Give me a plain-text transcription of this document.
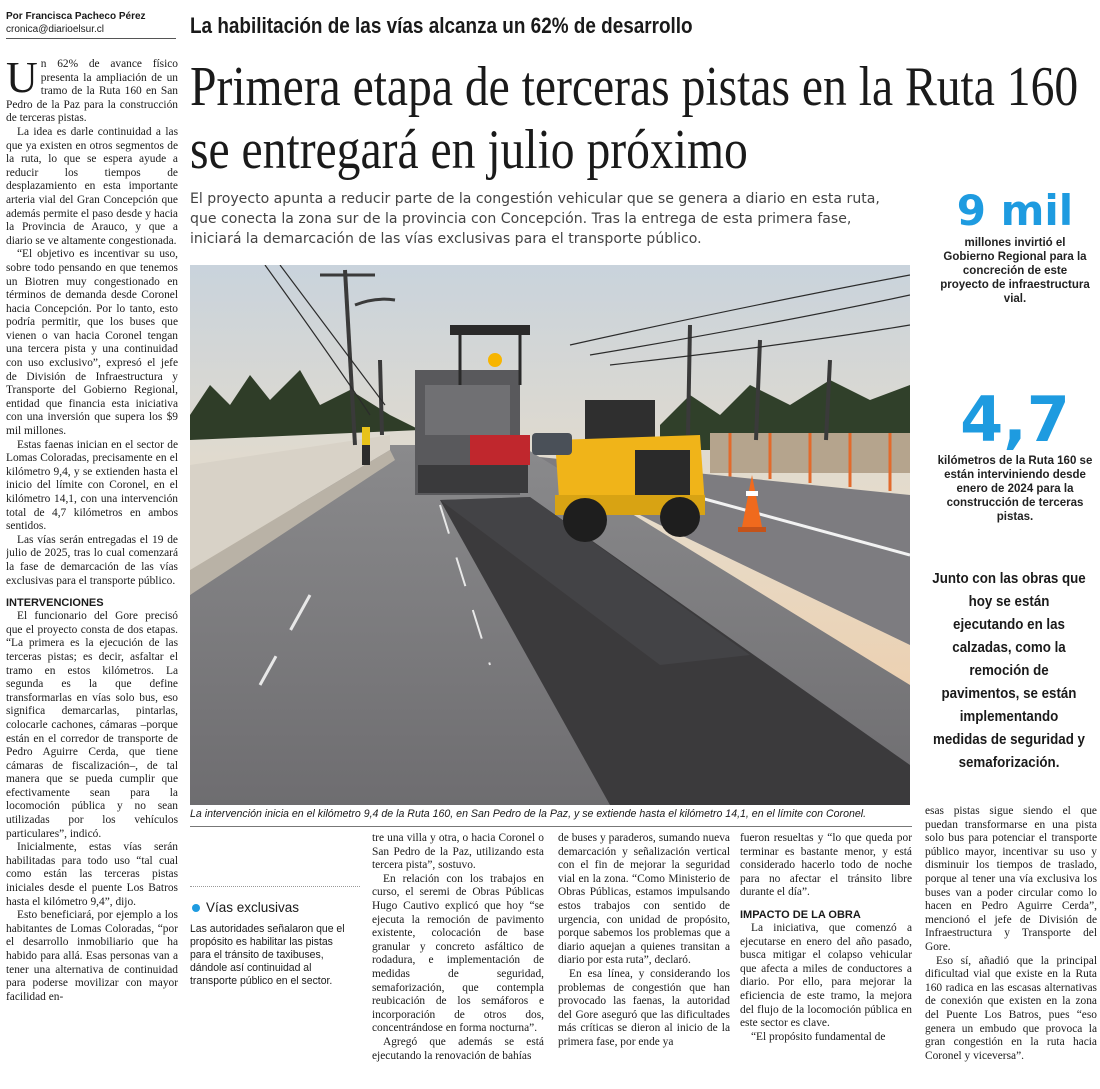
Por Francisca Pacheco Pérez
cronica@diarioelsur.cl	La habilitación de las vías alcanza un 62% de desarrollo
Primera etapa de terceras pistas en la Ruta 160 se entregará en julio próximo
El proyecto apunta a reducir parte de la congestión vehicular que se genera a diario en esta ruta, que conecta la zona sur de la provincia con Concepción. Tras la entrega de esta primera fase, iniciará la demarcación de las vías exclusivas para el transporte público.

Un 62% de avance físico presenta la ampliación de un tramo de la Ruta 160 en San Pedro de la Paz para la construcción de terceras pistas.

La idea es darle continuidad a las que ya existen en otros segmentos de la ruta, lo que se espera ayude a reducir los tiempos de desplazamiento en esta importante arteria vial del Gran Concepción que además permite el paso desde y hacia la Provincia de Arauco, y que a diario se ve altamente congestionada.

“El objetivo es incentivar su uso, sobre todo pensando en que tenemos un Biotren muy congestionado en términos de demanda desde Coronel hacia Concepción. Por lo tanto, esto podría permitir, que los buses que vienen o van hacia Coronel tengan una tercera pista y una continuidad con uso exclusivo”, expresó el jefe de División de Infraestructura y Transporte del Gobierno Regional, entidad que financia esta iniciativa con una inversión que supera los $9 mil millones.

Estas faenas inician en el sector de Lomas Coloradas, precisamente en el kilómetro 9,4, y se extienden hasta el inicio del límite con Coronel, en el kilómetro 14,1, con una intervención total de 4,7 kilómetros en ambos sentidos.

Las vías serán entregadas el 19 de julio de 2025, tras lo cual comenzará la fase de demarcación de las vías exclusivas para el transporte público.

INTERVENCIONES

El funcionario del Gore precisó que el proyecto consta de dos etapas. “La primera es la ejecución de las terceras pistas; es decir, asfaltar el tramo en estos kilómetros. La segunda es la que define transformarlas en vías solo bus, eso significa demarcarlas, pintarlas, colocarle cachones, cámaras –porque están en el corredor de transporte de Pedro Aguirre Cerda, que tiene cámaras de fiscalización–, de tal manera que se pueda cumplir que efectivamente sean para la locomoción pública y no sean utilizadas por los vehículos particulares”, indicó.

Inicialmente, estas vías serán habilitadas para todo uso “tal cual como están las terceras pistas iniciales desde el puente Los Batros hasta el kilómetro 9,4”, dijo.

Esto beneficiará, por ejemplo a los habitantes de Lomas Coloradas, “por el desarrollo inmobiliario que ha habido para allá. Esas personas van a tener una alternativa de continuidad para poderse movilizar con mayor facilidad en-

La intervención inicia en el kilómetro 9,4 de la Ruta 160, en San Pedro de la Paz, y se extiende hasta el kilómetro 14,1, en el límite con Coronel.
Vías exclusivas
Las autoridades señalaron que el propósito es habilitar las pistas para el tránsito de taxibuses, dándole así continuidad al transporte público en el sector.

tre una villa y otra, o hacia Coronel o San Pedro de la Paz, utilizando esta tercera pista”, sostuvo.

En relación con los trabajos en curso, el seremi de Obras Públicas Hugo Cautivo explicó que hoy “se ejecuta la remoción de pavimento existente, colocación de base granular y concreto asfáltico de rodadura, e implementación de medidas de seguridad, semaforización, que contempla reubicación de los semáforos e incorporación de otros dos, concentrándose en forma nocturna”.

Agregó que además se está ejecutando la renovación de bahías

de buses y paraderos, sumando nueva demarcación y señalización vertical con el fin de mejorar la seguridad vial en la zona. “Como Ministerio de Obras Públicas, estamos impulsando estos trabajos con sentido de urgencia, con unidad de propósito, porque sabemos los problemas que a diario aquejan a quienes transitan a diario por esta ruta”, declaró.

En esa línea, y considerando los problemas de congestión que han provocado las faenas, la autoridad del Gore aseguró que las dificultades más críticas se dieron al inicio de la primera fase, por ende ya

fueron resueltas y “lo que queda por terminar es bastante menor, y está considerado hacerlo todo de noche para no afectar el tránsito libre durante el día”.

IMPACTO DE LA OBRA

La iniciativa, que comenzó a ejecutarse en enero del año pasado, busca mitigar el colapso vehicular que afecta a miles de conductores a diario. Por ello, para mejorar la eficiencia de este tramo, la mejora del flujo de la locomoción pública en este sector es clave.

“El propósito fundamental de

esas pistas sigue siendo el que puedan transformarse en una pista solo bus para potenciar el transporte público mayor, incentivar su uso y disminuir los tiempos de traslado, porque al tener una vía exclusiva los buses van a poder circular como lo hacen en Pedro Aguirre Cerda”, mencionó el jefe de División de Infraestructura y Transporte del Gore.

Eso sí, añadió que la principal dificultad vial que existe en la Ruta 160 radica en las escasas alternativas de conexión que existen en la zona del Puente Los Batros, pues “eso genera un embudo que provoca la gran congestión en la ruta hacia Coronel y viceversa”.

9 mil
millones invirtió el Gobierno Regional para la concreción de este proyecto de infraestructura vial.
4,7
kilómetros de la Ruta 160 se están interviniendo desde enero de 2024 para la construcción de terceras pistas.
Junto con las obras que hoy se están ejecutando en las calzadas, como la remoción de pavimentos, se están implementando medidas de seguridad y semaforización.
